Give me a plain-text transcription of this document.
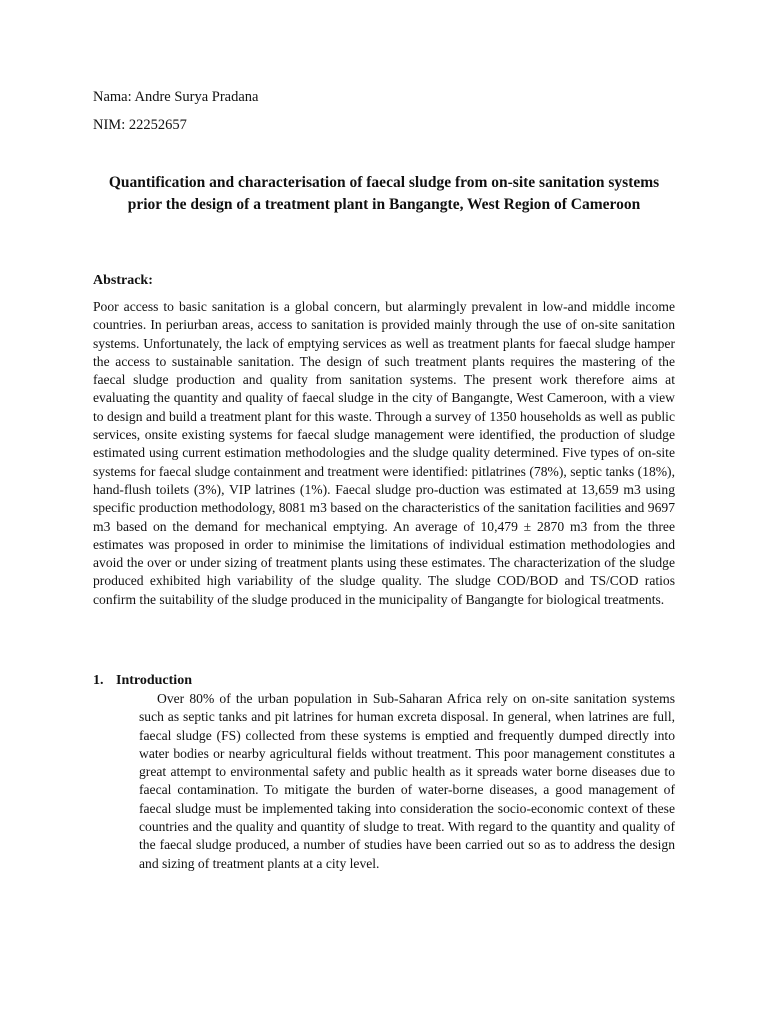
Nama: Andre Surya Pradana
NIM: 22252657
Quantification and characterisation of faecal sludge from on-site sanitation systems prior the design of a treatment plant in Bangangte, West Region of Cameroon
Abstrack:

Poor access to basic sanitation is a global concern, but alarmingly prevalent in low-and middle income countries. In periurban areas, access to sanitation is provided mainly through the use of on-site sanitation systems. Unfortunately, the lack of emptying services as well as treatment plants for faecal sludge hamper the access to sustainable sanitation. The design of such treatment plants requires the mastering of the faecal sludge production and quality from sanitation systems. The present work therefore aims at evaluating the quantity and quality of faecal sludge in the city of Bangangte, West Cameroon, with a view to design and build a treatment plant for this waste. Through a survey of 1350 households as well as public services, onsite existing systems for faecal sludge management were identified, the production of sludge estimated using current estimation methodologies and the sludge quality determined. Five types of on-site systems for faecal sludge containment and treatment were identified: pitlatrines (78%), septic tanks (18%), hand-flush toilets (3%), VIP latrines (1%). Faecal sludge pro-duction was estimated at 13,659 m3 using specific production methodology, 8081 m3 based on the characteristics of the sanitation facilities and 9697 m3 based on the demand for mechanical emptying. An average of 10,479 ± 2870 m3 from the three estimates was proposed in order to minimise the limitations of individual estimation methodologies and avoid the over or under sizing of treatment plants using these estimates. The characterization of the sludge produced exhibited high variability of the sludge quality. The sludge COD/BOD and TS/COD ratios confirm the suitability of the sludge produced in the municipality of Bangangte for biological treatments.

1. Introduction

Over 80% of the urban population in Sub-Saharan Africa rely on on-site sanitation systems such as septic tanks and pit latrines for human excreta disposal. In general, when latrines are full, faecal sludge (FS) collected from these systems is emptied and frequently dumped directly into water bodies or nearby agricultural fields without treatment. This poor management constitutes a great attempt to environmental safety and public health as it spreads water borne diseases due to faecal contamination. To mitigate the burden of water-borne diseases, a good management of faecal sludge must be implemented taking into consideration the socio-economic context of these countries and the quality and quantity of sludge to treat. With regard to the quantity and quality of the faecal sludge produced, a number of studies have been carried out so as to address the design and sizing of treatment plants at a city level.
